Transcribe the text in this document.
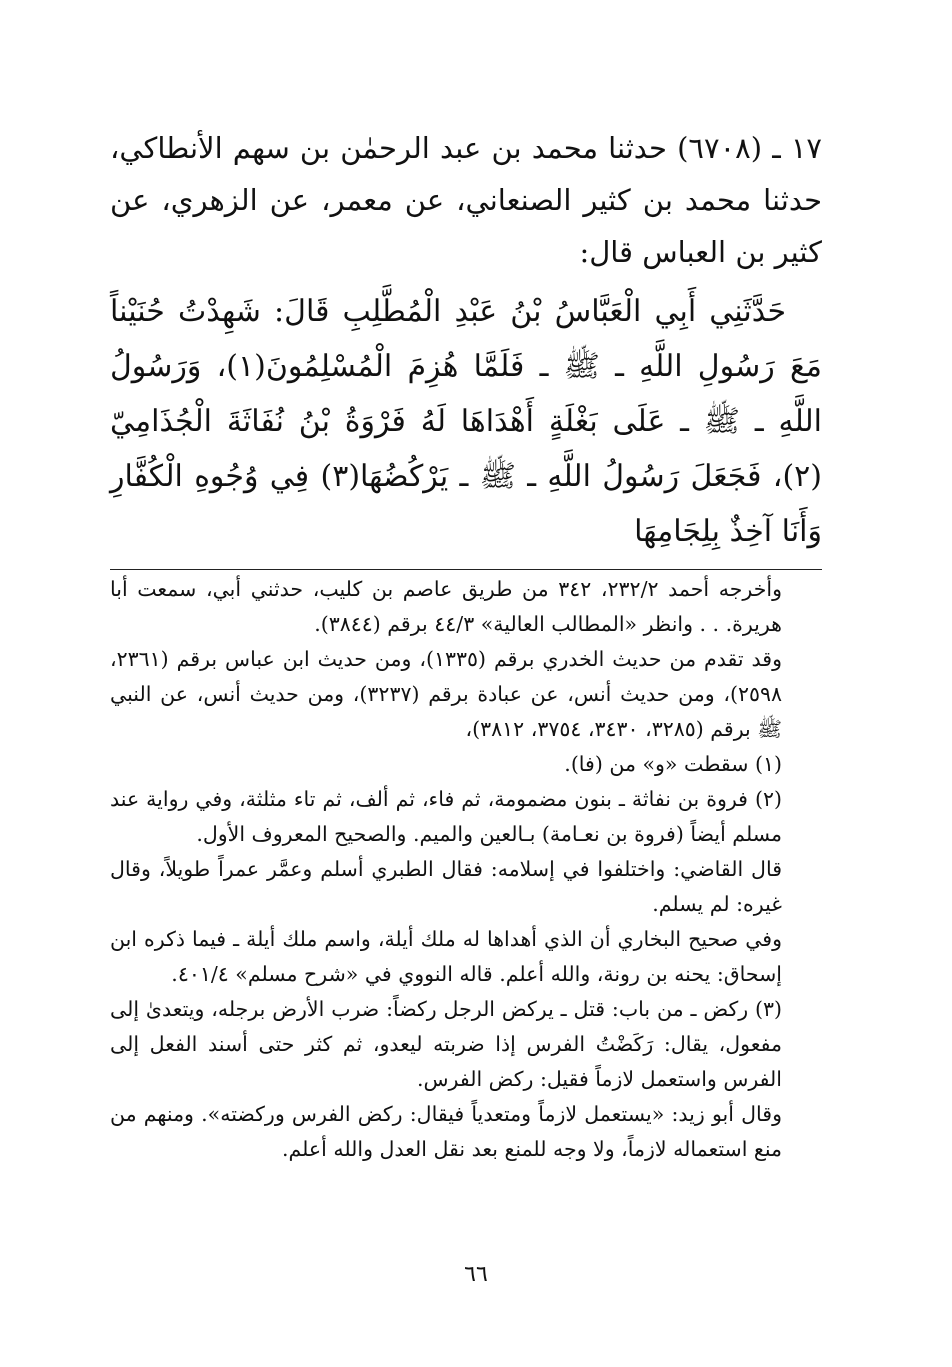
١٧ ـ (٦٧٠٨) حدثنا محمد بن عبد الرحمٰن بن سهم الأنطاكي، حدثنا محمد بن كثير الصنعاني، عن معمر، عن الزهري، عن كثير بن العباس قال:

حَدَّثَنِي أَبِي الْعَبَّاسُ بْنُ عَبْدِ الْمُطَّلِبِ قَالَ: شَهِدْتُ حُنَيْناً مَعَ رَسُولِ اللَّهِ ـ ﷺ ـ فَلَمَّا هُزِمَ الْمُسْلِمُونَ(١)، وَرَسُولُ اللَّهِ ـ ﷺ ـ عَلَى بَغْلَةٍ أَهْدَاهَا لَهُ فَرْوَةُ بْنُ نُفَاثَةَ الْجُذَامِيّ (٢)، فَجَعَلَ رَسُولُ اللَّهِ ـ ﷺ ـ يَرْكُضُهَا(٣) فِي وُجُوهِ الْكُفَّارِ وَأَنَا آخِذٌ بِلِجَامِهَا

وأخرجه أحمد ٢٣٢/٢، ٣٤٢ من طريق عاصم بن كليب، حدثني أبي، سمعت أبا هريرة. . . وانظر «المطالب العالية» ٤٤/٣ برقم (٣٨٤٤).

وقد تقدم من حديث الخدري برقم (١٣٣٥)، ومن حديث ابن عباس برقم (٢٣٦١، ٢٥٩٨)، ومن حديث أنس، عن عبادة برقم (٣٢٣٧)، ومن حديث أنس، عن النبي ﷺ برقم (٣٢٨٥، ٣٤٣٠، ٣٧٥٤، ٣٨١٢)،

(١) سقطت «و» من (فا).

(٢) فروة بن نفاثة ـ بنون مضمومة، ثم فاء، ثم ألف، ثم تاء مثلثة، وفي رواية عند مسلم أيضاً (فروة بن نعـامة) بـالعين والميم. والصحيح المعروف الأول.

قال القاضي: واختلفوا في إسلامه: فقال الطبري أسلم وعمَّر عمراً طويلاً، وقال غيره: لم يسلم.

وفي صحيح البخاري أن الذي أهداها له ملك أيلة، واسم ملك أيلة ـ فيما ذكره ابن إسحاق: يحنه بن رونة، والله أعلم. قاله النووي في «شرح مسلم» ٤٠١/٤.

(٣) ركض ـ من باب: قتل ـ يركض الرجل ركضاً: ضرب الأرض برجله، ويتعدىٰ إلى مفعول، يقال: رَكَضْتُ الفرس إذا ضربته ليعدو، ثم كثر حتى أسند الفعل إلى الفرس واستعمل لازماً فقيل: ركض الفرس.

وقال أبو زيد: «يستعمل لازماً ومتعدياً فيقال: ركض الفرس وركضته». ومنهم من منع استعماله لازماً، ولا وجه للمنع بعد نقل العدل والله أعلم.

٦٦
